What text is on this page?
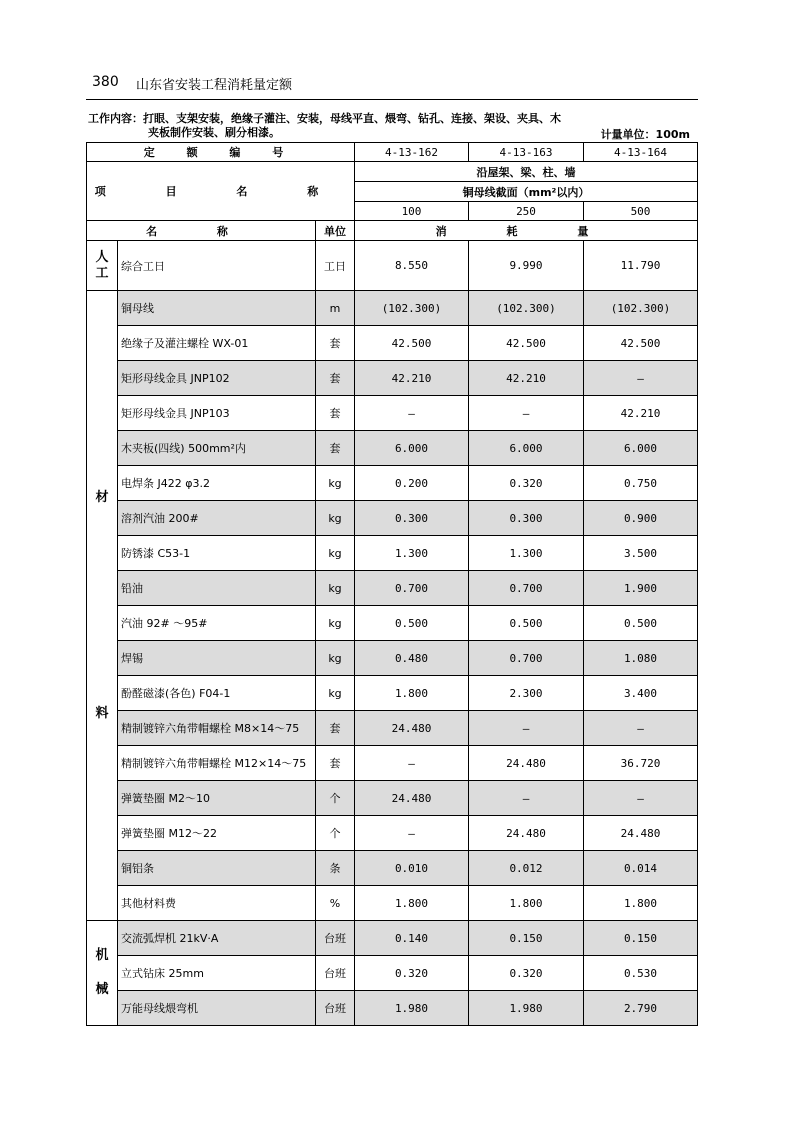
380 山东省安装工程消耗量定额
工作内容：打眼、支架安装，绝缘子灌注、安装，母线平直、煨弯、钻孔、连接、架设、夹具、木
夹板制作安装、刷分相漆。	计量单位：100m
定 额 编 号			4-13-162	4-13-163	4-13-164
项 目 名 称			沿屋架、梁、柱、墙		
			铜母线截面（mm²以内）		
			100	250	500
名 称		单位	消 耗 量		
人工	综合工日	工日	8.550	9.990	11.790

材
料	铜母线	m	(102.300)	(102.300)	(102.300)
	绝缘子及灌注螺栓 WX-01	套	42.500	42.500	42.500
	矩形母线金具 JNP102	套	42.210	42.210	—
	矩形母线金具 JNP103	套	—	—	42.210
	木夹板(四线) 500mm²内	套	6.000	6.000	6.000
	电焊条 J422 φ3.2	kg	0.200	0.320	0.750
	溶剂汽油 200#	kg	0.300	0.300	0.900
	防锈漆 C53-1	kg	1.300	1.300	3.500
	铅油	kg	0.700	0.700	1.900
	汽油 92# ～95#	kg	0.500	0.500	0.500
	焊锡	kg	0.480	0.700	1.080
	酚醛磁漆(各色) F04-1	kg	1.800	2.300	3.400
	精制镀锌六角带帽螺栓 M8×14～75	套	24.480	—	—
	精制镀锌六角带帽螺栓 M12×14～75	套	—	24.480	36.720
	弹簧垫圈 M2～10	个	24.480	—	—
	弹簧垫圈 M12～22	个	—	24.480	24.480
	铜铝条	条	0.010	0.012	0.014
	其他材料费	%	1.800	1.800	1.800

机
械	交流弧焊机 21kV·A	台班	0.140	0.150	0.150
	立式钻床 25mm	台班	0.320	0.320	0.530
	万能母线煨弯机	台班	1.980	1.980	2.790
